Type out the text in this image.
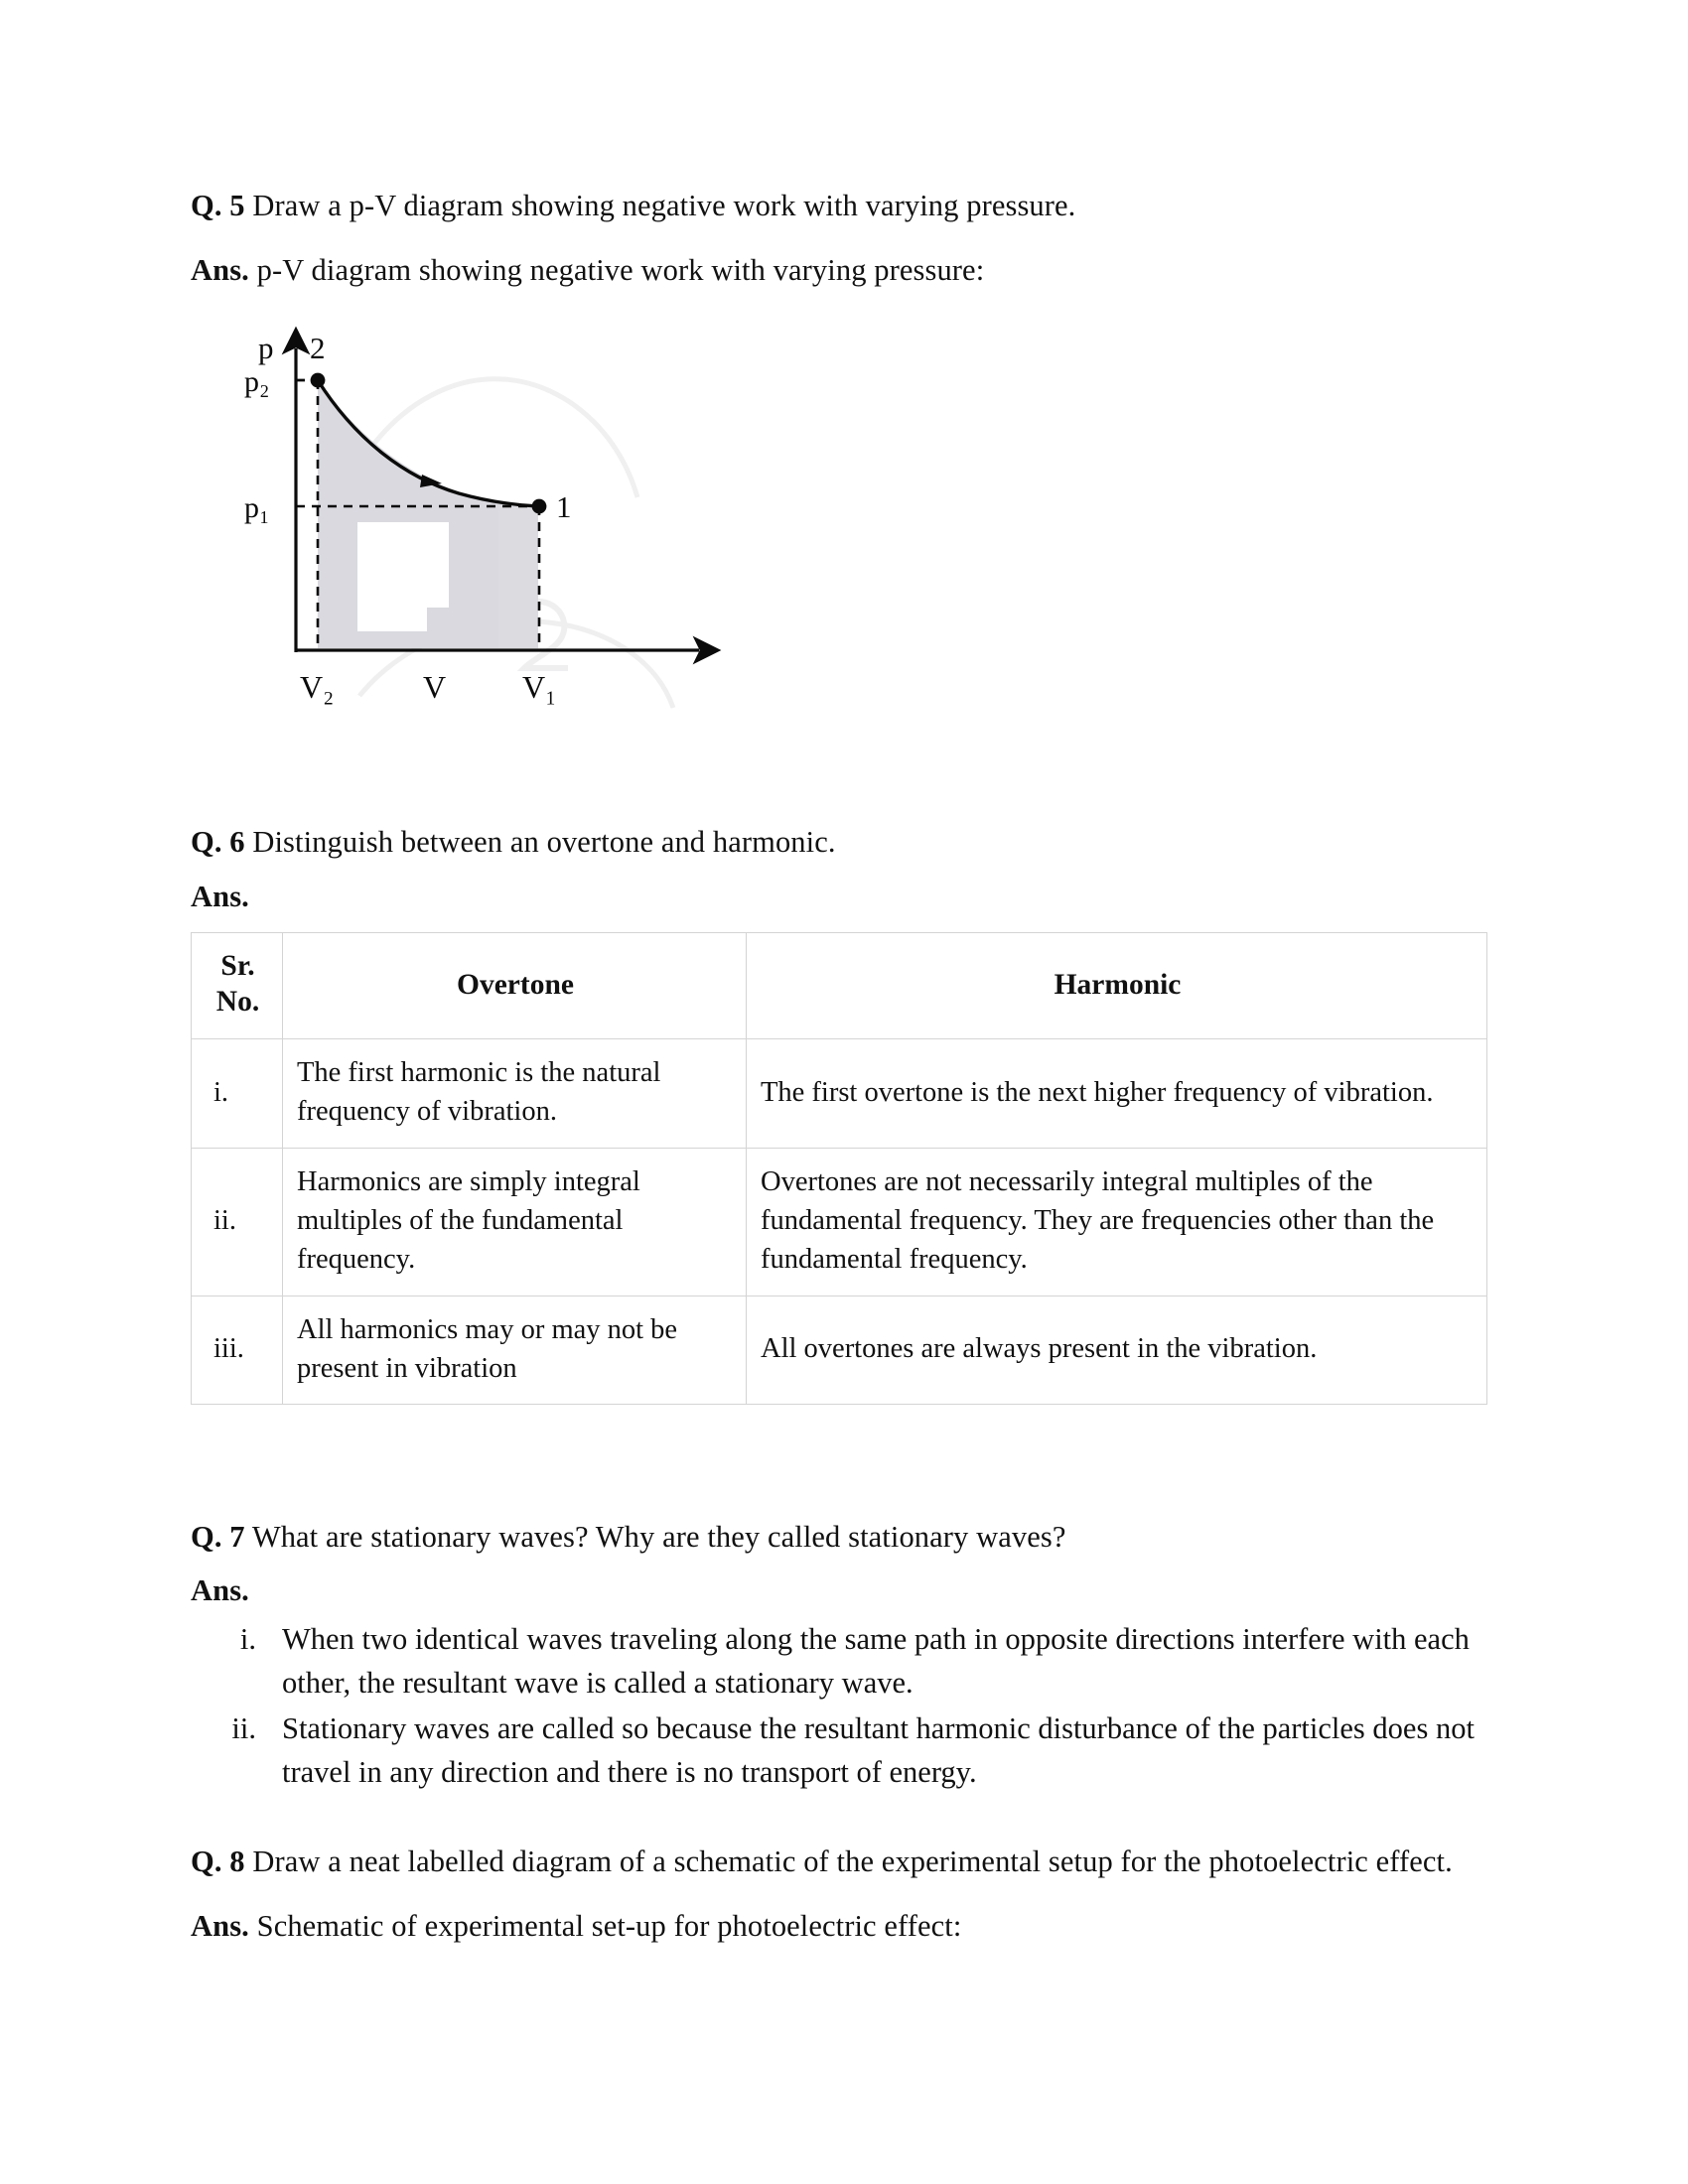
Q. 5 Draw a p-V diagram showing negative work with varying pressure.

Ans. p-V diagram showing negative work with varying pressure:

p
p₂
p₁
2
1
V₂	V V₁

Q. 6 Distinguish between an overtone and harmonic.

Ans.

Sr.
No.	Overtone	Harmonic
i.	The first harmonic is the natural frequency of vibration.	The first overtone is the next higher frequency of vibration.
ii.	Harmonics are simply integral multiples of the fundamental frequency.	Overtones are not necessarily integral multiples of the fundamental frequency. They are frequencies other than the fundamental frequency.
iii.	All harmonics may or may not be present in vibration	All overtones are always present in the vibration.

Q. 7 What are stationary waves? Why are they called stationary waves?

Ans.

i. When two identical waves traveling along the same path in opposite directions interfere with each other, the resultant wave is called a stationary wave.
ii. Stationary waves are called so because the resultant harmonic disturbance of the particles does not travel in any direction and there is no transport of energy.

Q. 8 Draw a neat labelled diagram of a schematic of the experimental setup for the photoelectric effect.

Ans. Schematic of experimental set-up for photoelectric effect:
